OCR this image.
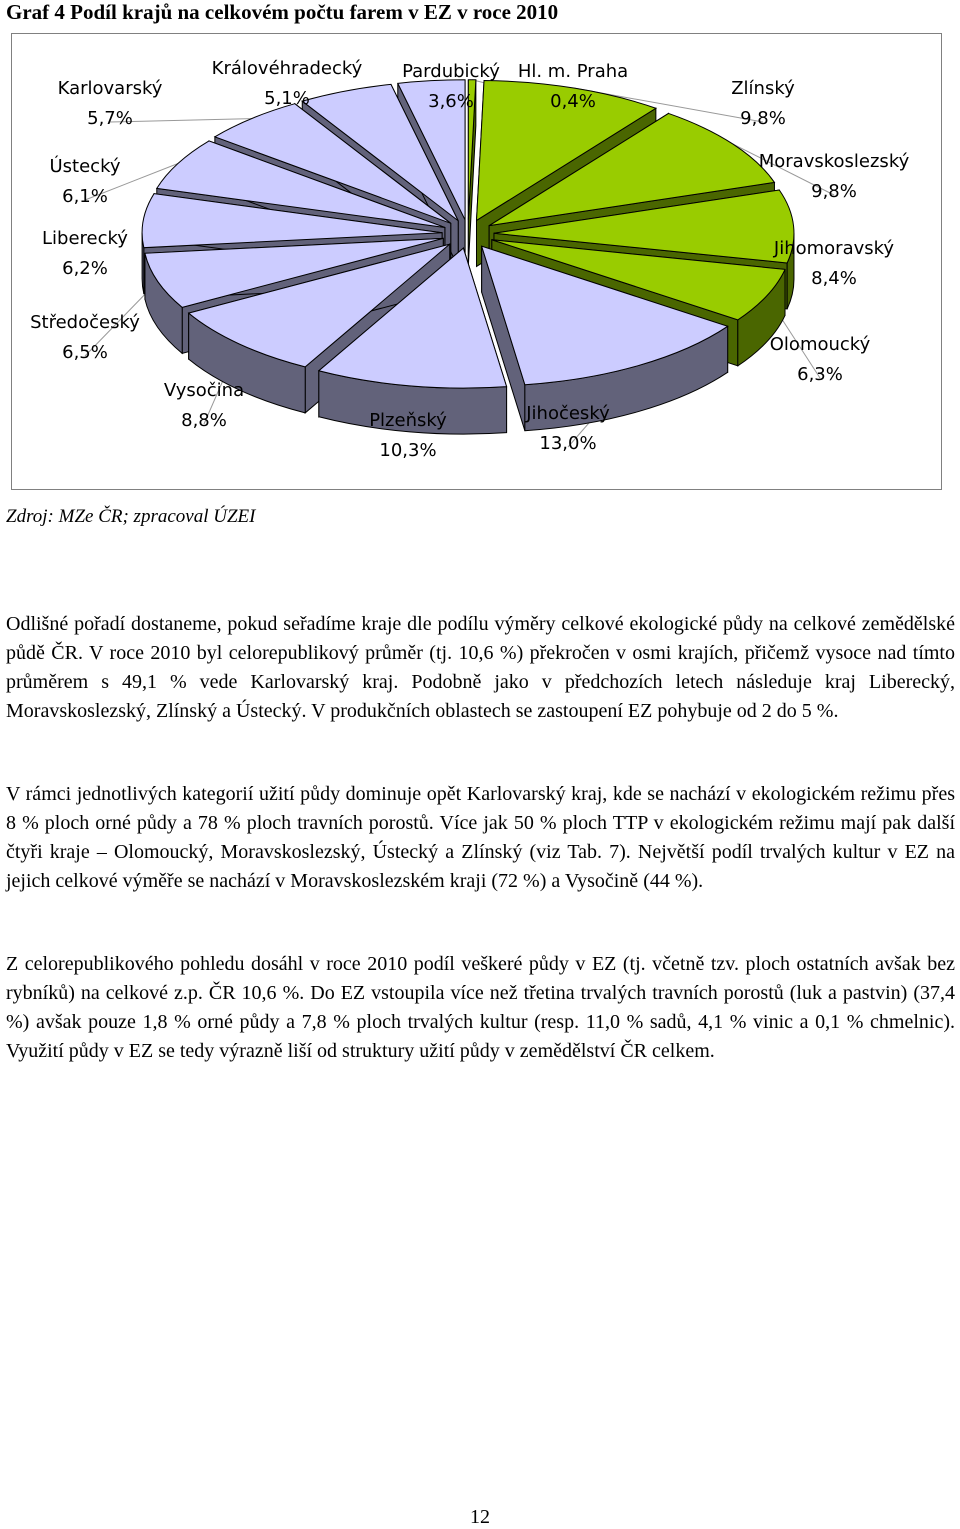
Graf 4 Podíl krajů na celkovém počtu farem v EZ v roce 2010
Hl. m. Praha
0,4%
Zlínský
9,8%
Moravskoslezský
9,8%
Jihomoravský
8,4%
Olomoucký
6,3%
Jihočeský
13,0%
Plzeňský
10,3%
Vysočina
8,8%
Středočeský
6,5%
Liberecký
6,2%
Ústecký
6,1%
Karlovarský
5,7%
Královéhradecký
5,1%
Pardubický
3,6%
Zdroj: MZe ČR; zpracoval ÚZEI

Odlišné pořadí dostaneme, pokud seřadíme kraje dle podílu výměry celkové ekologické půdy na celkové zemědělské půdě ČR. V roce 2010 byl celorepublikový průměr (tj. 10,6 %) překročen v osmi krajích, přičemž vysoce nad tímto průměrem s 49,1 % vede Karlovarský kraj. Podobně jako v předchozích letech následuje kraj Liberecký, Moravskoslezský, Zlínský a Ústecký. V produkčních oblastech se zastoupení EZ pohybuje od 2 do 5 %.

V rámci jednotlivých kategorií užití půdy dominuje opět Karlovarský kraj, kde se nachází v ekologickém režimu přes 8 % ploch orné půdy a 78 % ploch travních porostů. Více jak 50 % ploch TTP v ekologickém režimu mají pak další čtyři kraje – Olomoucký, Moravskoslezský, Ústecký a Zlínský (viz Tab. 7). Největší podíl trvalých kultur v EZ na jejich celkové výměře se nachází v Moravskoslezském kraji (72 %) a Vysočině (44 %).

Z celorepublikového pohledu dosáhl v roce 2010 podíl veškeré půdy v EZ (tj. včetně tzv. ploch ostatních avšak bez rybníků) na celkové z.p. ČR 10,6 %. Do EZ vstoupila více než třetina trvalých travních porostů (luk a pastvin) (37,4 %) avšak pouze 1,8 % orné půdy a 7,8 % ploch trvalých kultur (resp. 11,0 % sadů, 4,1 % vinic a 0,1 % chmelnic). Využití půdy v EZ se tedy výrazně liší od struktury užití půdy v zemědělství ČR celkem.

12
